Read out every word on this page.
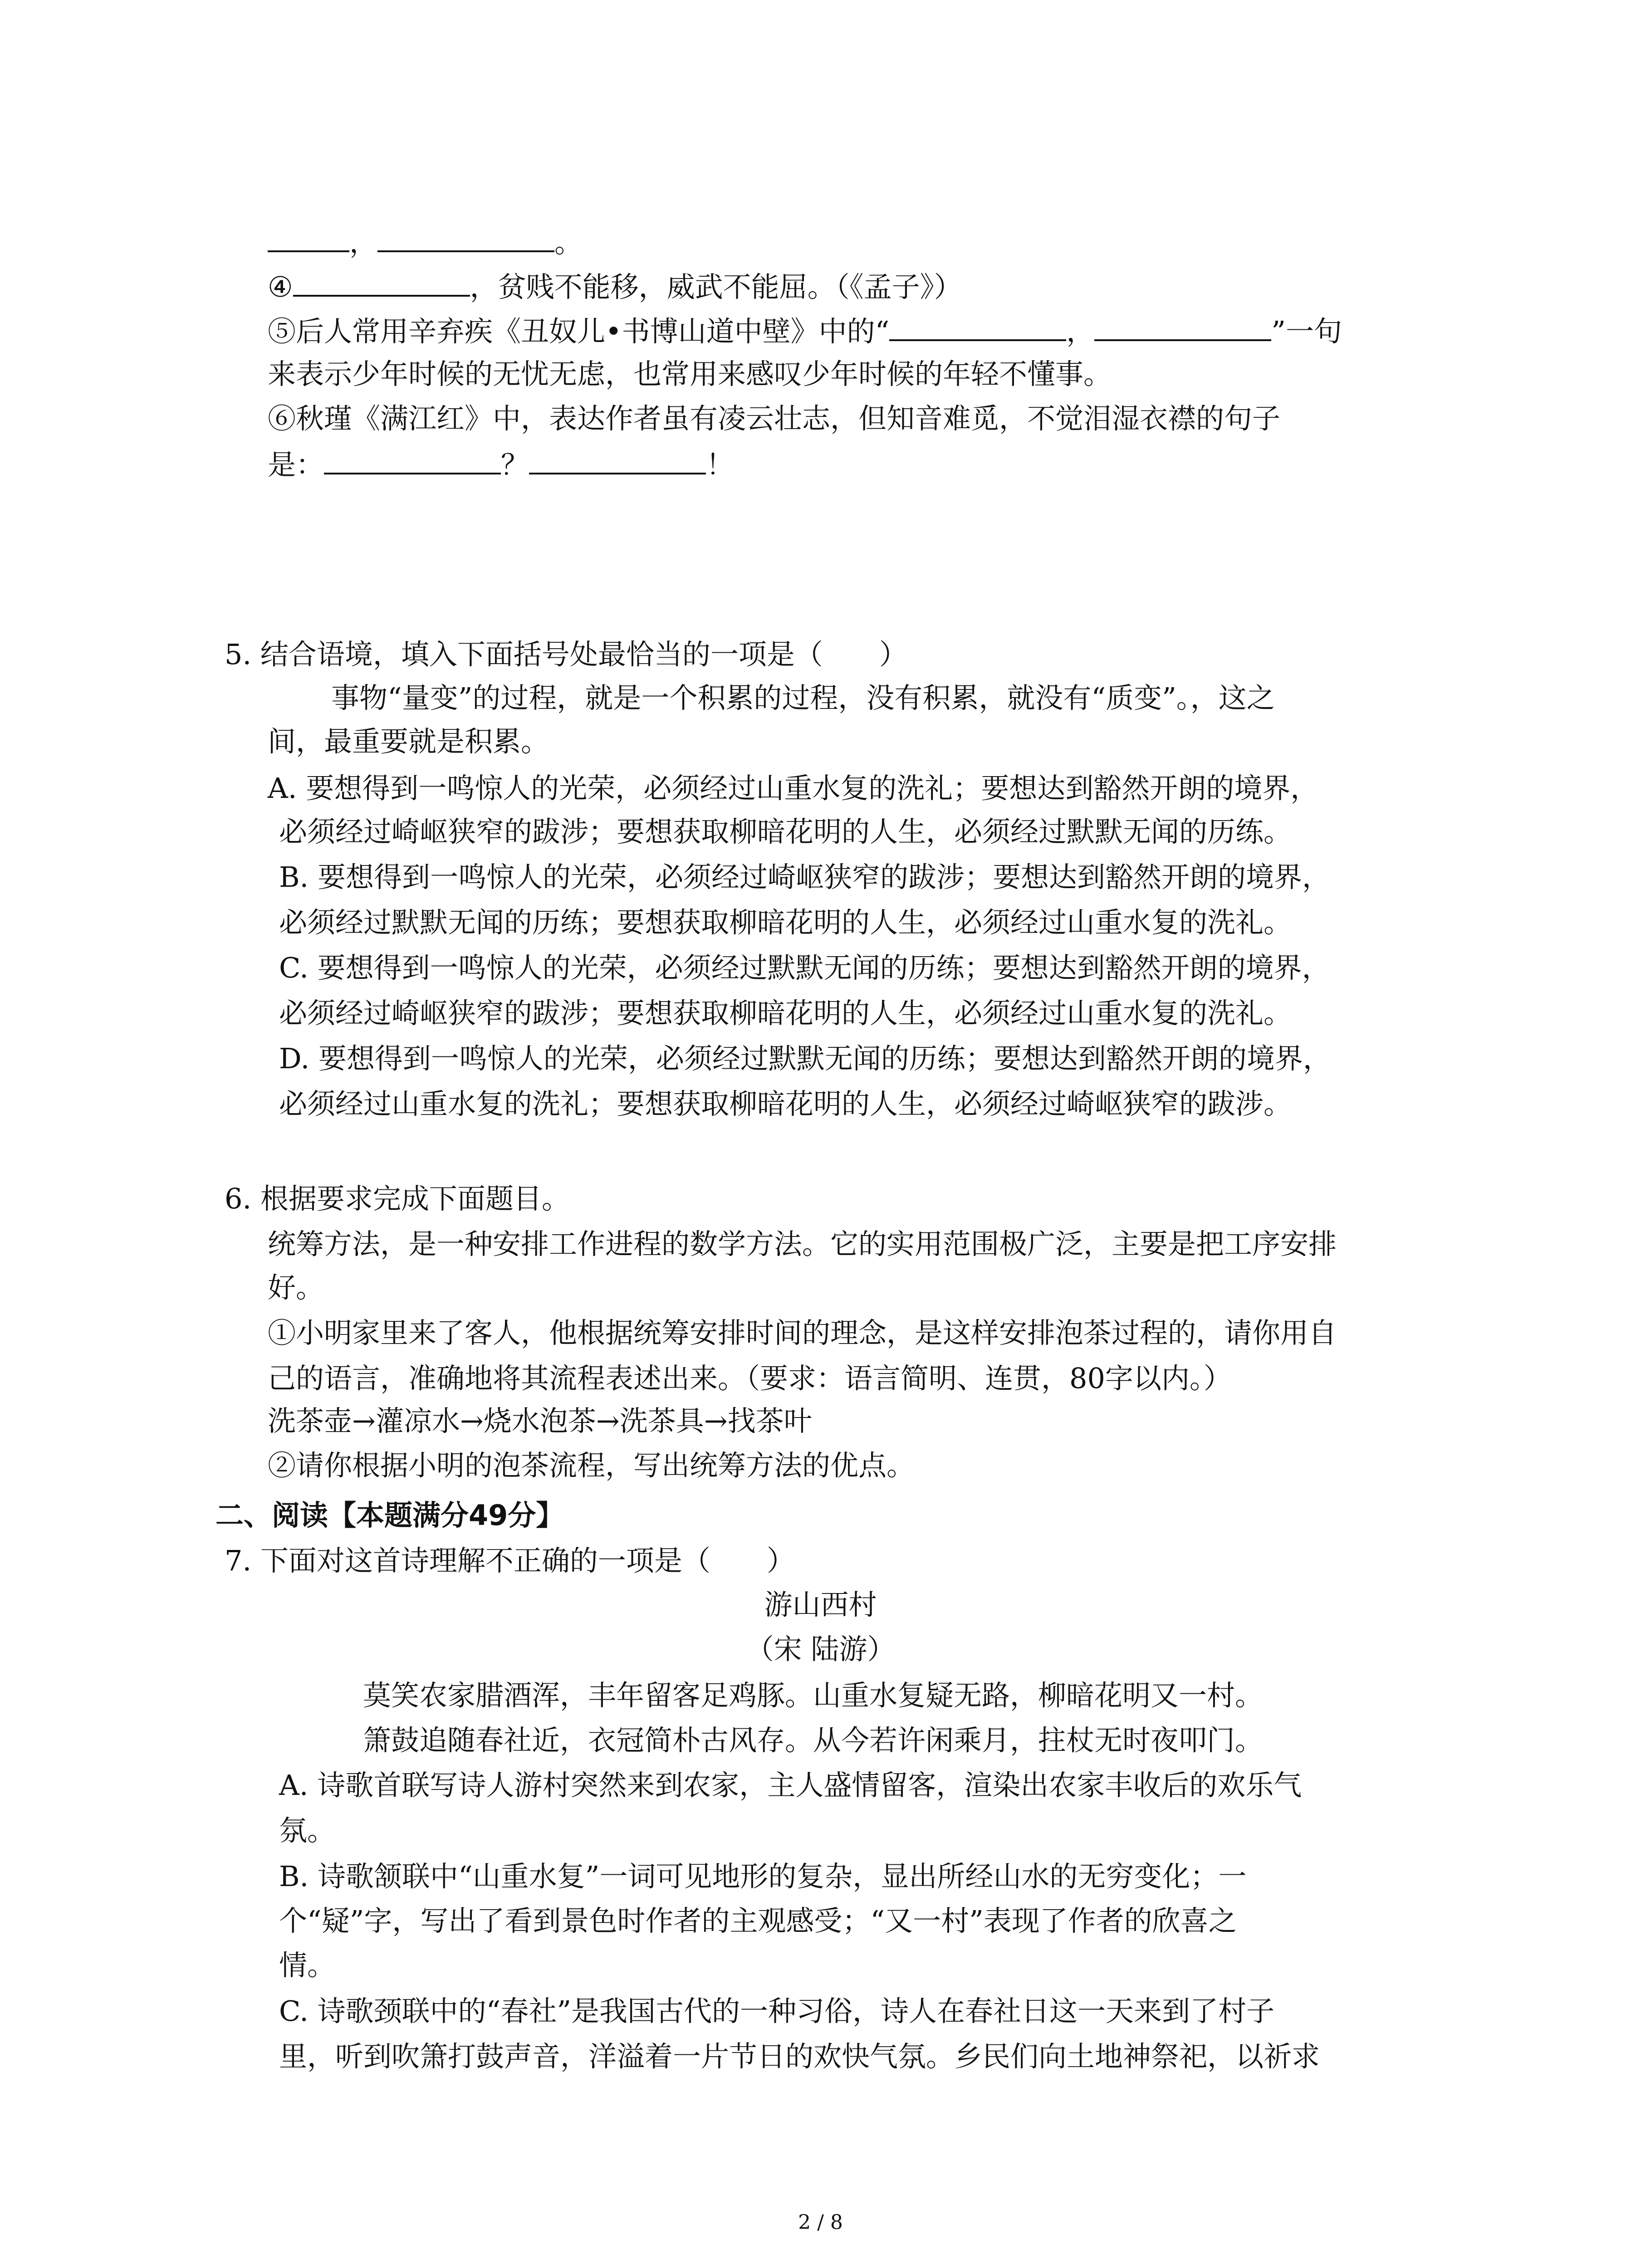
，	。
④	，贫贱不能移，威武不能屈。（《孟子》）
⑤后人常用辛弃疾《丑奴儿•书博山道中壁》中的“	，	”一句
来表示少年时候的无忧无虑，也常用来感叹少年时候的年轻不懂事。
⑥秋瑾《满江红》中，表达作者虽有凌云壮志，但知音难觅，不觉泪湿衣襟的句子
是：	？	！
5. 结合语境，填入下面括号处最恰当的一项是（　　）
事物“量变”的过程，就是一个积累的过程，没有积累，就没有“质变”。，这之
间，最重要就是积累。
A. 要想得到一鸣惊人的光荣，必须经过山重水复的洗礼；要想达到豁然开朗的境界，
必须经过崎岖狭窄的跋涉；要想获取柳暗花明的人生，必须经过默默无闻的历练。
B. 要想得到一鸣惊人的光荣，必须经过崎岖狭窄的跋涉；要想达到豁然开朗的境界，
必须经过默默无闻的历练；要想获取柳暗花明的人生，必须经过山重水复的洗礼。
C. 要想得到一鸣惊人的光荣，必须经过默默无闻的历练；要想达到豁然开朗的境界，
必须经过崎岖狭窄的跋涉；要想获取柳暗花明的人生，必须经过山重水复的洗礼。
D. 要想得到一鸣惊人的光荣，必须经过默默无闻的历练；要想达到豁然开朗的境界，
必须经过山重水复的洗礼；要想获取柳暗花明的人生，必须经过崎岖狭窄的跋涉。
6. 根据要求完成下面题目。
统筹方法，是一种安排工作进程的数学方法。它的实用范围极广泛，主要是把工序安排
好。
①小明家里来了客人，他根据统筹安排时间的理念，是这样安排泡茶过程的，请你用自
己的语言，准确地将其流程表述出来。（要求：语言简明、连贯，80字以内。）
洗茶壶→灌凉水→烧水泡茶→洗茶具→找茶叶
②请你根据小明的泡茶流程，写出统筹方法的优点。
二、阅读【本题满分49分】
7. 下面对这首诗理解不正确的一项是（　　）
游山西村
（宋 陆游）
莫笑农家腊酒浑，丰年留客足鸡豚。山重水复疑无路，柳暗花明又一村。
箫鼓追随春社近，衣冠简朴古风存。从今若许闲乘月，拄杖无时夜叩门。
A. 诗歌首联写诗人游村突然来到农家，主人盛情留客，渲染出农家丰收后的欢乐气
氛。
B. 诗歌颔联中“山重水复”一词可见地形的复杂，显出所经山水的无穷变化；一
个“疑”字，写出了看到景色时作者的主观感受；“又一村”表现了作者的欣喜之
情。
C. 诗歌颈联中的“春社”是我国古代的一种习俗，诗人在春社日这一天来到了村子
里，听到吹箫打鼓声音，洋溢着一片节日的欢快气氛。乡民们向土地神祭祀，以祈求
2 / 8
